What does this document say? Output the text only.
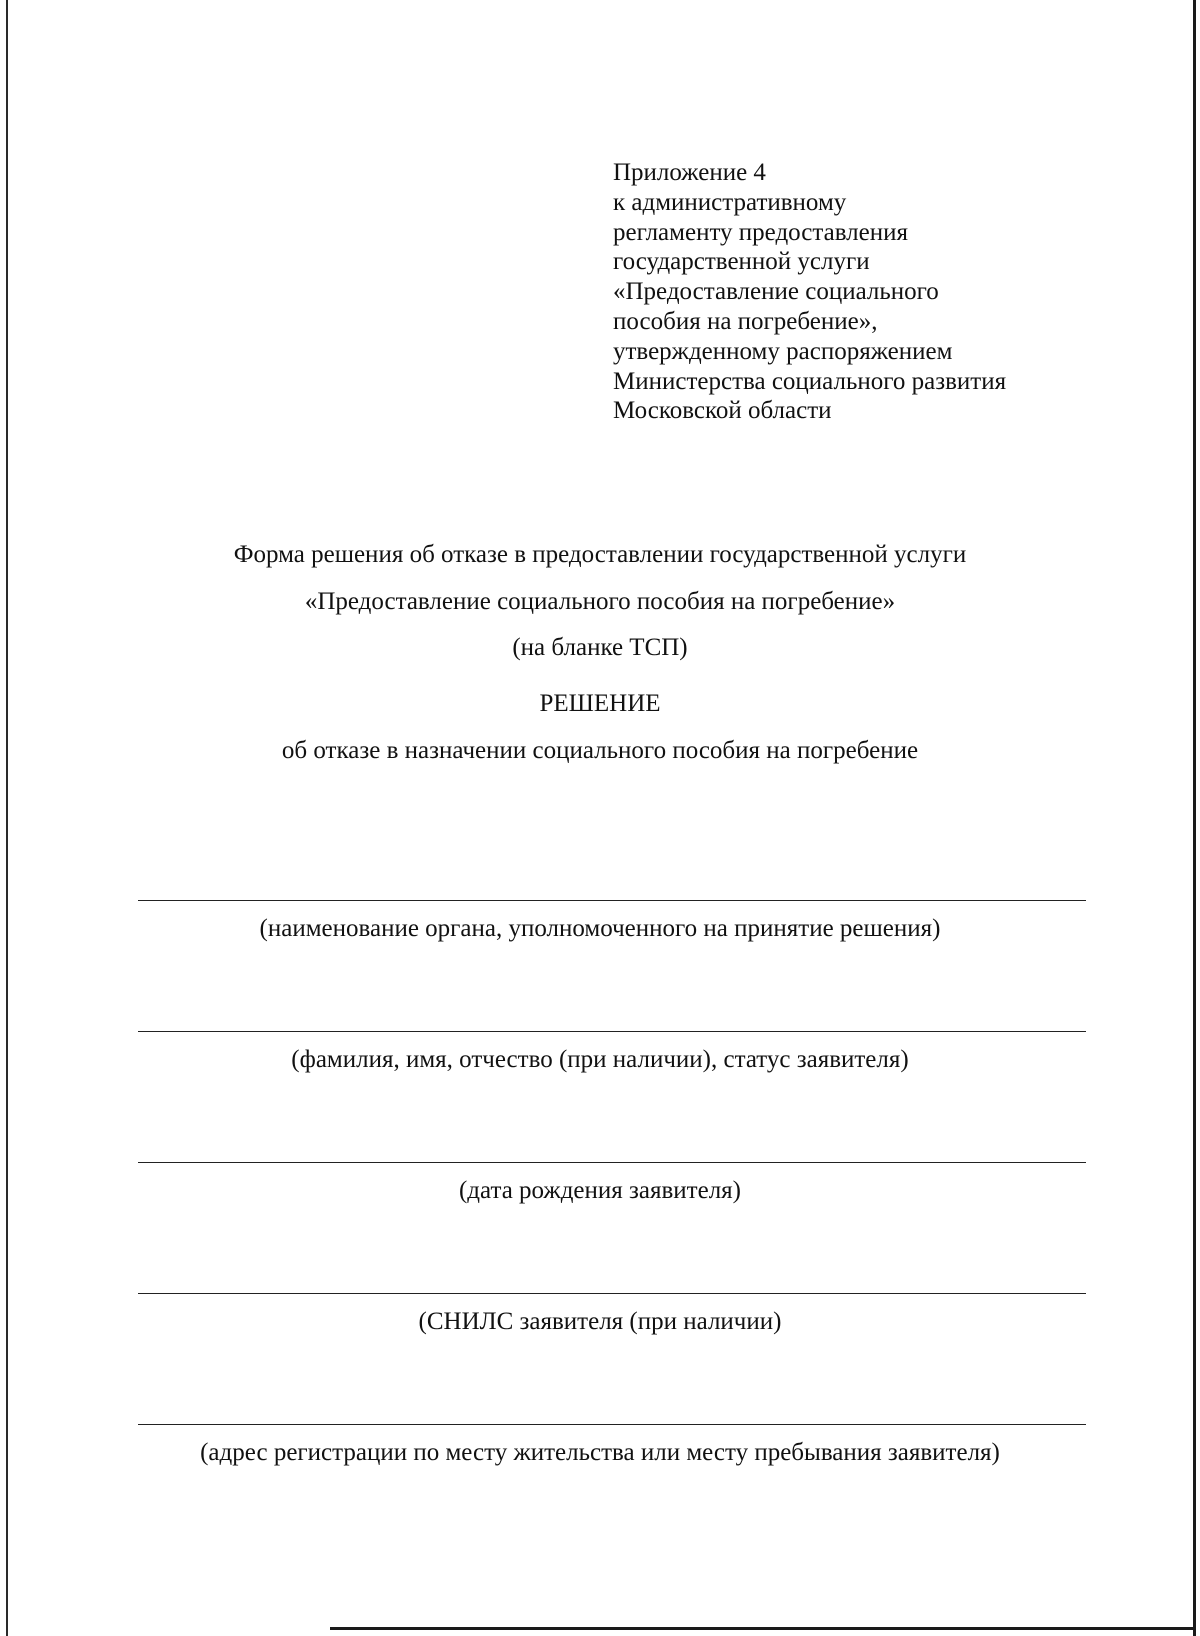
Приложение 4
к административному
регламенту предоставления
государственной услуги
«Предоставление социального
пособия на погребение»,
утвержденному распоряжением
Министерства социального развития
Московской области
Форма решения об отказе в предоставлении государственной услуги
«Предоставление социального пособия на погребение»
(на бланке ТСП)
РЕШЕНИЕ
об отказе в назначении социального пособия на погребение
(наименование органа, уполномоченного на принятие решения)
(фамилия, имя, отчество (при наличии), статус заявителя)
(дата рождения заявителя)
(СНИЛС заявителя (при наличии)
(адрес регистрации по месту жительства или месту пребывания заявителя)
